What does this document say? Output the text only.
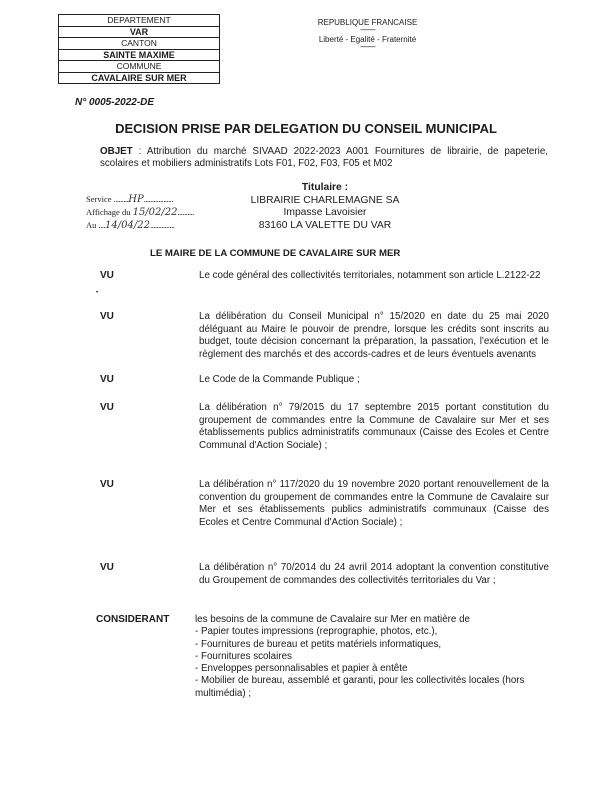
DEPARTEMENT
VAR
CANTON
SAINTE MAXIME
COMMUNE
CAVALAIRE SUR MER
REPUBLIQUE FRANCAISE
-----------
Liberté - Egalité - Fraternité
-----------
N° 0005-2022-DE
DECISION PRISE PAR DELEGATION DU CONSEIL MUNICIPAL
OBJET : Attribution du marché SIVAAD 2022-2023 A001 Fournitures de librairie, de papeterie, scolaires et mobiliers administratifs Lots F01, F02, F03, F05 et M02
Service .........HP..................
Affichage du 15/02/22..........
Au ....14/04/22...............
Titulaire :
LIBRAIRIE CHARLEMAGNE SA
Impasse Lavoisier
83160 LA VALETTE DU VAR
LE MAIRE DE LA COMMUNE DE CAVALAIRE SUR MER
VU	Le code général des collectivités territoriales, notamment son article L.2122-22
•
VU	La délibération du Conseil Municipal n° 15/2020 en date du 25 mai 2020 déléguant au Maire le pouvoir de prendre, lorsque les crédits sont inscrits au budget, toute décision concernant la préparation, la passation, l'exécution et le règlement des marchés et des accords-cadres et de leurs éventuels avenants
VU	Le Code de la Commande Publique ;
VU	La délibération n° 79/2015 du 17 septembre 2015 portant constitution du groupement de commandes entre la Commune de Cavalaire sur Mer et ses établissements publics administratifs communaux (Caisse des Ecoles et Centre Communal d'Action Sociale) ;
VU	La délibération n° 117/2020 du 19 novembre 2020 portant renouvellement de la convention du groupement de commandes entre la Commune de Cavalaire sur Mer et ses établissements publics administratifs communaux (Caisse des Ecoles et Centre Communal d'Action Sociale) ;
VU	La délibération n° 70/2014 du 24 avril 2014 adoptant la convention constitutive du Groupement de commandes des collectivités territoriales du Var ;
CONSIDERANT	les besoins de la commune de Cavalaire sur Mer en matière de
- Papier toutes impressions (reprographie, photos, etc.),
- Fournitures de bureau et petits matériels informatiques,
- Fournitures scolaires
- Enveloppes personnalisables et papier à entête
- Mobilier de bureau, assemblé et garanti, pour les collectivités locales (hors multimédia) ;
